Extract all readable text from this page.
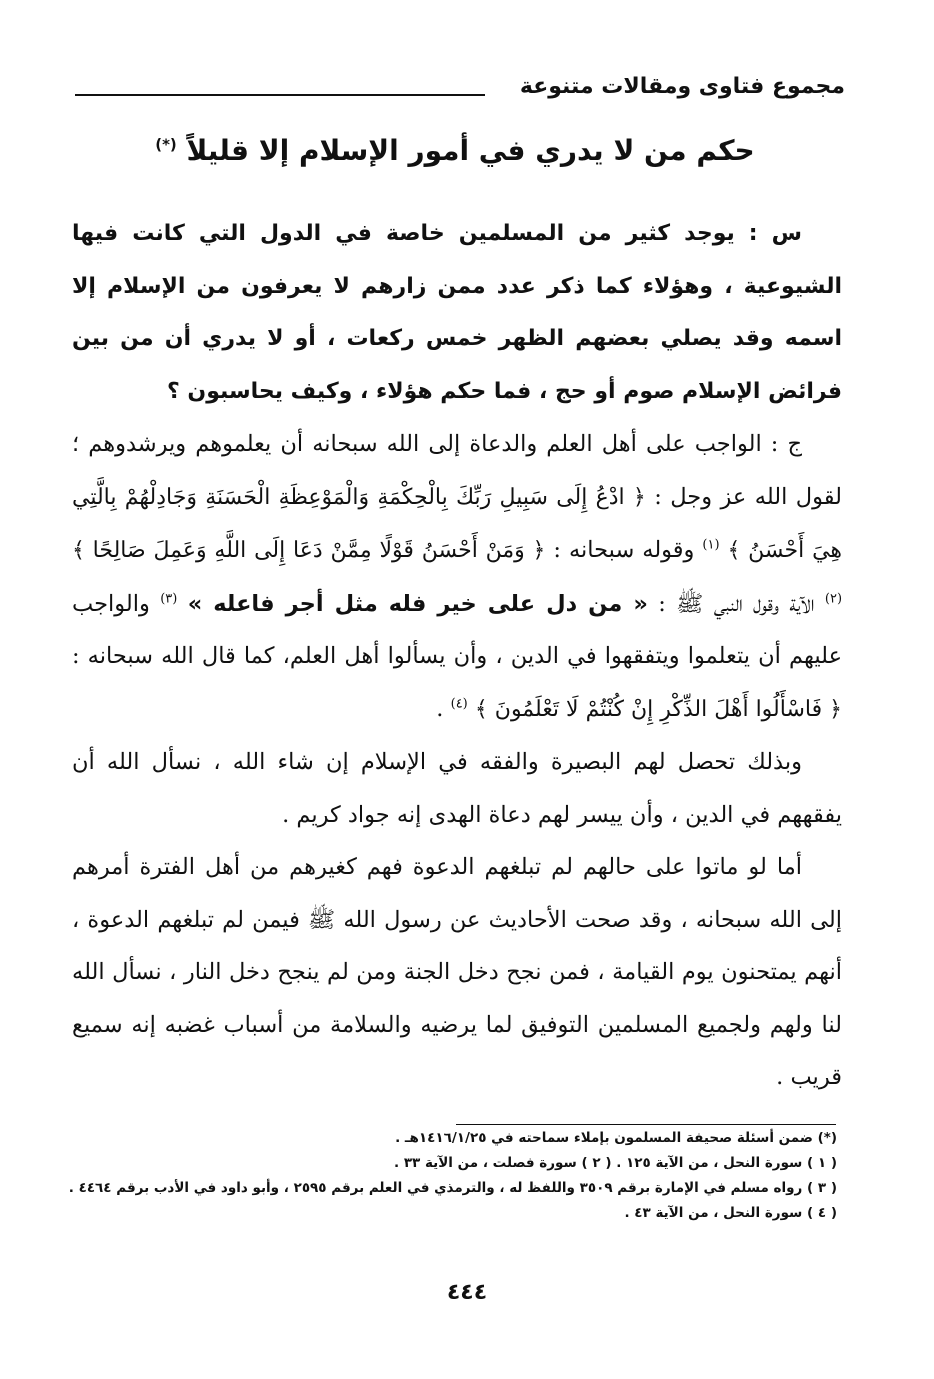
مجموع فتاوى ومقالات متنوعة
حكم من لا يدري في أمور الإسلام إلا قليلاً (*)

س : يوجد كثير من المسلمين خاصة في الدول التي كانت فيها الشيوعية ، وهؤلاء كما ذكر عدد ممن زارهم لا يعرفون من الإسلام إلا اسمه وقد يصلي بعضهم الظهر خمس ركعات ، أو لا يدري أن من بين فرائض الإسلام صوم أو حج ، فما حكم هؤلاء ، وكيف يحاسبون ؟

ج : الواجب على أهل العلم والدعاة إلى الله سبحانه أن يعلموهم ويرشدوهم ؛ لقول الله عز وجل : ﴿ ادْعُ إِلَى سَبِيلِ رَبِّكَ بِالْحِكْمَةِ وَالْمَوْعِظَةِ الْحَسَنَةِ وَجَادِلْهُمْ بِالَّتِي هِيَ أَحْسَنُ ﴾ $^{(١)}$ وقوله سبحانه : ﴿ وَمَنْ أَحْسَنُ قَوْلًا مِمَّنْ دَعَا إِلَى اللَّهِ وَعَمِلَ صَالِحًا ﴾ $^{(٢)}$ الآية وقول النبي ﷺ : « من دل على خير فله مثل أجر فاعله » $^{(٣)}$ والواجب عليهم أن يتعلموا ويتفقهوا في الدين ، وأن يسألوا أهل العلم، كما قال الله سبحانه : ﴿ فَاسْأَلُوا أَهْلَ الذِّكْرِ إِنْ كُنْتُمْ لَا تَعْلَمُونَ ﴾ $^{(٤)}$ .

وبذلك تحصل لهم البصيرة والفقه في الإسلام إن شاء الله ، نسأل الله أن يفقههم في الدين ، وأن ييسر لهم دعاة الهدى إنه جواد كريم .

أما لو ماتوا على حالهم لم تبلغهم الدعوة فهم كغيرهم من أهل الفترة أمرهم إلى الله سبحانه ، وقد صحت الأحاديث عن رسول الله ﷺ فيمن لم تبلغهم الدعوة ، أنهم يمتحنون يوم القيامة ، فمن نجح دخل الجنة ومن لم ينجح دخل النار ، نسأل الله لنا ولهم ولجميع المسلمين التوفيق لما يرضيه والسلامة من أسباب غضبه إنه سميع قريب .

(*) ضمن أسئلة صحيفة المسلمون بإملاء سماحته في ١٤١٦/١/٢٥هـ .
( ١ ) سورة النحل ، من الآية ١٢٥ . ( ٢ ) سورة فصلت ، من الآية ٣٣ .
( ٣ ) رواه مسلم في الإمارة برقم ٣٥٠٩ واللفظ له ، والترمذي في العلم برقم ٢٥٩٥ ، وأبو داود في الأدب برقم ٤٤٦٤ .
( ٤ ) سورة النحل ، من الآية ٤٣ .
٤٤٤
